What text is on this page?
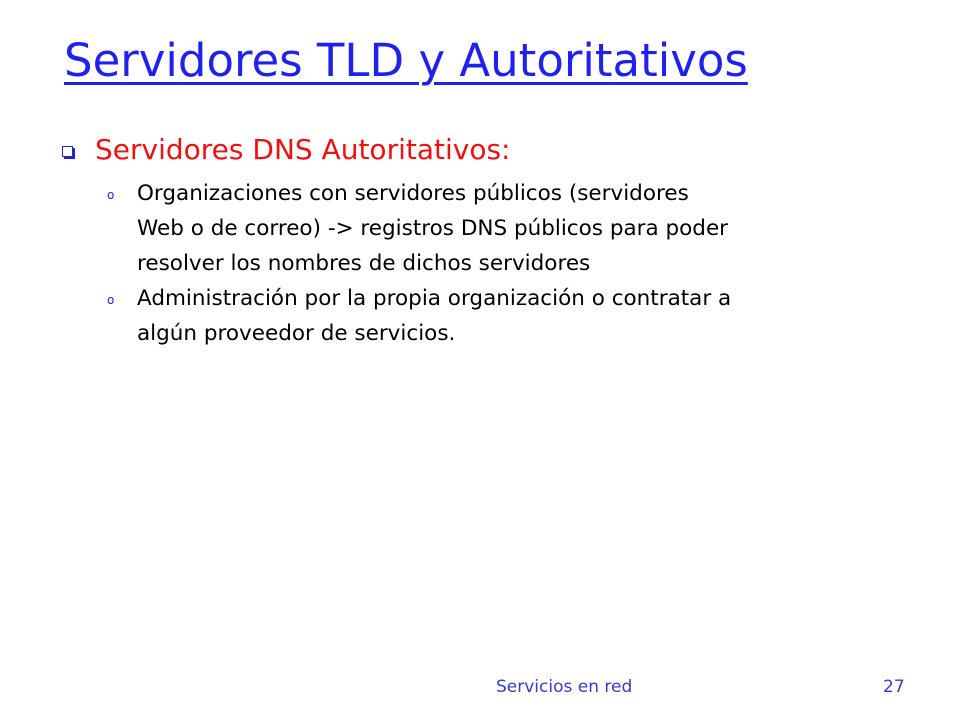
Servidores TLD y Autoritativos
Servidores DNS Autoritativos:
o	Organizaciones con servidores públicos (servidores
Web o de correo) -> registros DNS públicos para poder
resolver los nombres de dichos servidores
o	Administración por la propia organización o contratar a
algún proveedor de servicios.
Servicios en red	27
